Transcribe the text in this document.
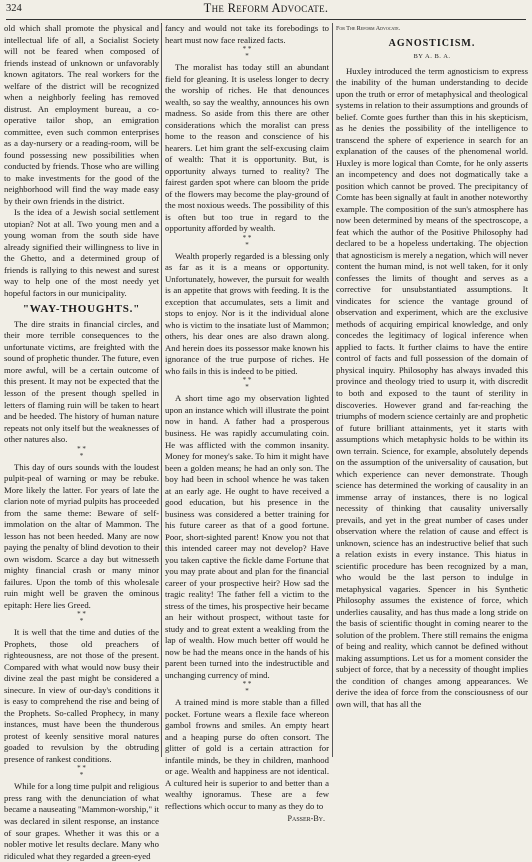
324	The Reform Advocate.

old which shall promote the physical and intellectual life of all, a Socialist Society will not be feared when composed of friends instead of unknown or unfavorably known agitators. The real workers for the welfare of the district will be recognized when a neighborly feeling has removed distrust. An employment bureau, a co-operative tailor shop, an emigration committee, even such common enterprises as a day-nursery or a reading-room, will be found possessing new possibilities when conducted by friends. Those who are willing to make investments for the good of the neighborhood will find the way made easy by their own friends in the district.

Is the idea of a Jewish social settlement utopian? Not at all. Two young men and a young woman from the south side have already signified their willingness to live in the Ghetto, and a determined group of friends is rallying to this newest and surest way to help one of the most needy yet hopeful factors in our municipality.

"WAY-THOUGHTS."

The dire straits in financial circles, and their more terrible consequences to the unfortunate victims, are freighted with the sound of prophetic thunder. The future, even more awful, will be a certain outcome of this present. It may not be expected that the lesson of the present though spelled in letters of flaming ruin will be taken to heart and be heeded. The history of human nature repeats not only itself but the weaknesses of other natures also.

* *
*

This day of ours sounds with the loudest pulpit-peal of warning or may be rebuke. More likely the latter. For years of late the clarion note of myriad pulpits has proceeded from the same theme: Beware of self-immolation on the altar of Mammon. The lesson has not been heeded. Many are now paying the penalty of blind devotion to their own wisdom. Scarce a day but witnesseth mighty financial crash or many minor failures. Upon the tomb of this wholesale ruin might well be graven the ominous epitaph: Here lies Greed.

* *
*

It is well that the time and duties of the Prophets, those old preachers of righteousness, are not those of the present. Compared with what would now busy their divine zeal the past might be considered a sinecure. In view of our-day's conditions it is easy to comprehend the rise and being of the Prophets. So-called Prophecy, in many instances, must have been the thunderous protest of keenly sensitive moral natures goaded to revulsion by the obtruding presence of rankest conditions.

* *
*

While for a long time pulpit and religious press rang with the denunciation of what became a nauseating "Mammon-worship," it was declared in silent response, an instance of sour grapes. Whether it was this or a nobler motive let results declare. Many who ridiculed what they regarded a green-eyed

fancy and would not take its forebodings to heart must now face realized facts.

* *
*

The moralist has today still an abundant field for gleaning. It is useless longer to decry the worship of riches. He that denounces wealth, so say the wealthy, announces his own madness. So aside from this there are other considerations which the moralist can press home to the reason and conscience of his hearers. Let him grant the self-excusing claim of wealth: That it is opportunity. But, is opportunity always turned to reality? The fairest garden spot where can bloom the pride of the flowers may become the play-ground of the most noxious weeds. The possibility of this is often but too true in regard to the opportunity afforded by wealth.

* *
*

Wealth properly regarded is a blessing only as far as it is a means or opportunity. Unfortunately, however, the pursuit for wealth is an appetite that grows with feeding. It is the exception that accumulates, sets a limit and stops to enjoy. Nor is it the individual alone who is victim to the insatiate lust of Mammon; others, his dear ones are also drawn along. And herein does its possessor make known his ignorance of the true purpose of riches. He who fails in this is indeed to be pitied.

* *
*

A short time ago my observation lighted upon an instance which will illustrate the point now in hand. A father had a prosperous business. He was rapidly accumulating coin. He was afflicted with the common insanity. Money for money's sake. To him it might have been a golden means; he had an only son. The boy had been in school whence he was taken at an early age. He ought to have received a good education, but his presence in the business was considered a better training for his future career as that of a good fortune. Poor, short-sighted parent! Know you not that this intended career may not develop? Have you taken captive the fickle dame Fortune that you may prate about and plan for the financial career of your prospective heir? How sad the tragic reality! The father fell a victim to the stress of the times, his prospective heir became an heir without prospect, without taste for study and to great extent a weakling from the lap of wealth. How much better off would he now be had the means once in the hands of his parent been turned into the indestructible and unchanging currency of mind.

* *
*

A trained mind is more stable than a filled pocket. Fortune wears a flexile face whereon gambol frowns and smiles. An empty heart and a heaping purse do often consort. The glitter of gold is a certain attraction for infantile minds, be they in children, manhood or age. Wealth and happiness are not identical. A cultured heir is superior to and better than a wealthy ignoramus. These are a few reflections which occur to many as they do to

Passer-By.
For The Reform Advocate.
AGNOSTICISM.
BY A. B. A.

Huxley introduced the term agnosticism to express the inability of the human understanding to decide upon the truth or error of metaphysical and theological systems in relation to their assumptions and grounds of belief. Comte goes further than this in his skepticism, as he denies the possibility of the intelligence to transcend the sphere of experience in search for an explanation of the causes of the phenomenal world. Huxley is more logical than Comte, for he only asserts an incompetency and does not dogmatically take a position which cannot be proved. The precipitancy of Comte has been signally at fault in another noteworthy example. The composition of the sun's atmosphere has now been determined by means of the spectroscope, a feat which the author of the Positive Philosophy had declared to be a hopeless undertaking. The objection that agnosticism is merely a negation, which will never content the human mind, is not well taken, for it only confesses the limits of thought and serves as a corrective for unsubstantiated assumptions. It vindicates for science the vantage ground of observation and experiment, which are the exclusive methods of acquiring empirical knowledge, and only concedes the legitimacy of logical inference when applied to facts. It further claims to have the entire control of facts and full possession of the domain of physical inquiry. Philosophy has always invaded this province and theology tried to usurp it, with discredit to both and exposed to the taunt of sterility in discoveries. However grand and far-reaching the triumphs of modern science certainly are and prophetic of future brilliant attainments, yet it starts with assumptions which metaphysic holds to be within its own terrain. Science, for example, absolutely depends on the assumption of the universality of causation, but which experience can never demonstrate. Though science has determined the working of causality in an immense array of instances, there is no logical necessity of thinking that causality universally prevails, and yet in the great number of cases under observation where the relation of cause and effect is unknown, science has an indestructive belief that such a relation exists in every instance. This hiatus in scientific procedure has been recognized by a man, who would be the last person to indulge in metaphysical vagaries. Spencer in his Synthetic Philosophy assumes the existence of force, which underlies causality, and has thus made a long stride on the basis of scientific thought in coming nearer to the solution of the problem. There still remains the enigma of being and reality, which cannot be defined without making assumptions. Let us for a moment consider the subject of force, that by a necessity of thought implies the condition of changes among appearances. We derive the idea of force from the consciousness of our own will, that has all the
